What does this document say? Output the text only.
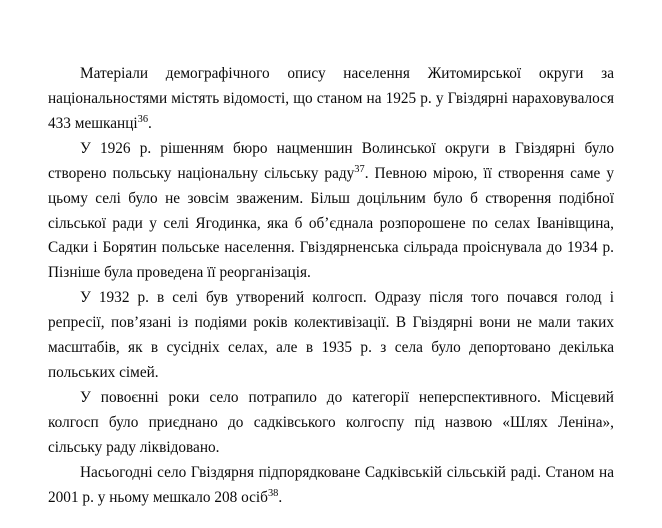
Матеріали демографічного опису населення Житомирської округи за національностями містять відомості, що станом на 1925 р. у Гвіздярні нараховувалося 433 мешканці$^{36}$.

У 1926 р. рішенням бюро нацменшин Волинської округи в Гвіздярні було створено польську національну сільську раду$^{37}$. Певною мірою, її створення саме у цьому селі було не зовсім зваженим. Більш доцільним було б створення подібної сільської ради у селі Ягодинка, яка б об’єднала розпорошене по селах Іванівщина, Садки і Борятин польське населення. Гвіздярненська сільрада проіснувала до 1934 р. Пізніше була проведена її реорганізація.

У 1932 р. в селі був утворений колгосп. Одразу після того почався голод і репресії, пов’язані із подіями років колективізації. В Гвіздярні вони не мали таких масштабів, як в сусідніх селах, але в 1935 р. з села було депортовано декілька польських сімей.

У повоєнні роки село потрапило до категорії неперспективного. Місцевий колгосп було приєднано до садківського колгоспу під назвою «Шлях Леніна», сільську раду ліквідовано.

Насьогодні село Гвіздярня підпорядковане Садківській сільській раді. Станом на 2001 р. у ньому мешкало 208 осіб$^{38}$.
